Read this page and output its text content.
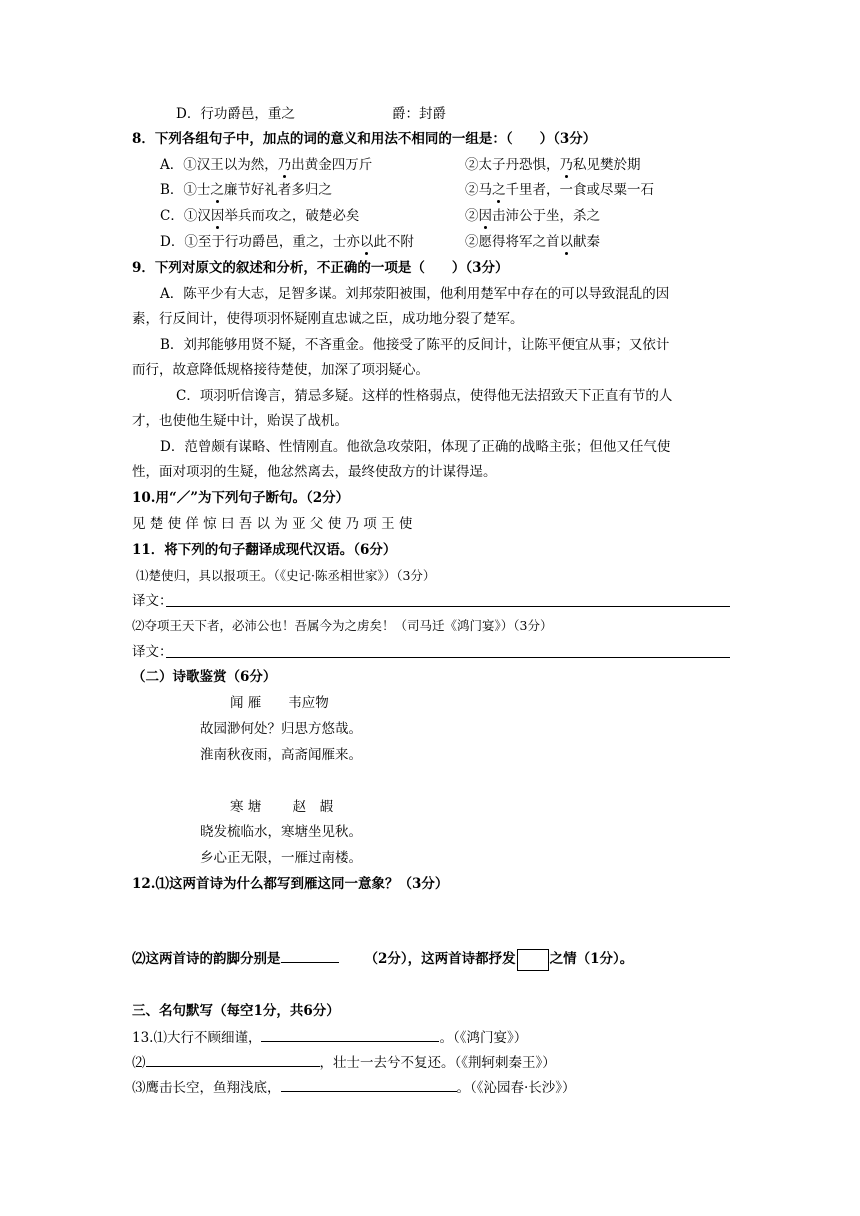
D．行功爵邑，重之	爵：封爵
8．下列各组句子中，加点的词的意义和用法不相同的一组是：（　　）（3分）
A．①汉王以为然，乃出黄金四万斤	②太子丹恐惧，乃私见樊於期
B．①士之廉节好礼者多归之	②马之千里者，一食或尽粟一石
C．①汉因举兵而攻之，破楚必矣	②因击沛公于坐，杀之
D．①至于行功爵邑，重之，士亦以此不附	②愿得将军之首以献秦
9．下列对原文的叙述和分析，不正确的一项是（　　）（3分）
A．陈平少有大志，足智多谋。刘邦荥阳被围，他利用楚军中存在的可以导致混乱的因
素，行反间计，使得项羽怀疑刚直忠诚之臣，成功地分裂了楚军。
B．刘邦能够用贤不疑，不吝重金。他接受了陈平的反间计，让陈平便宜从事；又依计
而行，故意降低规格接待楚使，加深了项羽疑心。
C．项羽听信谗言，猜忌多疑。这样的性格弱点，使得他无法招致天下正直有节的人
才，也使他生疑中计，贻误了战机。
D．范曾颇有谋略、性情刚直。他欲急攻荥阳，体现了正确的战略主张；但他又任气使
性，面对项羽的生疑，他忿然离去，最终使敌方的计谋得逞。
10.用“／”为下列句子断句。（2分）
见 楚 使 佯 惊 曰 吾 以 为 亚 父 使 乃 项 王 使
11．将下列的句子翻译成现代汉语。（6分）
⑴楚使归，具以报项王。（《史记·陈丞相世家》）（3分）
译文：
⑵夺项王天下者，必沛公也！吾属今为之虏矣！（司马迁《鸿门宴》）（3分）
译文：
（二）诗歌鉴赏（6分）
闻 雁　　韦应物
故园渺何处？归思方悠哉。
淮南秋夜雨，高斋闻雁来。
寒 塘　　 赵　嘏
晓发梳临水，寒塘坐见秋。
乡心正无限，一雁过南楼。
12.⑴这两首诗为什么都写到雁这同一意象？（3分）
⑵这两首诗的韵脚分别是	（2分），这两首诗都抒发	之情（1分）。
三、名句默写（每空1分，共6分）
13.⑴大行不顾细谨，	。（《鸿门宴》）
⑵	，壮士一去兮不复还。（《荆轲刺秦王》）
⑶鹰击长空，鱼翔浅底，	。（《沁园春·长沙》）
